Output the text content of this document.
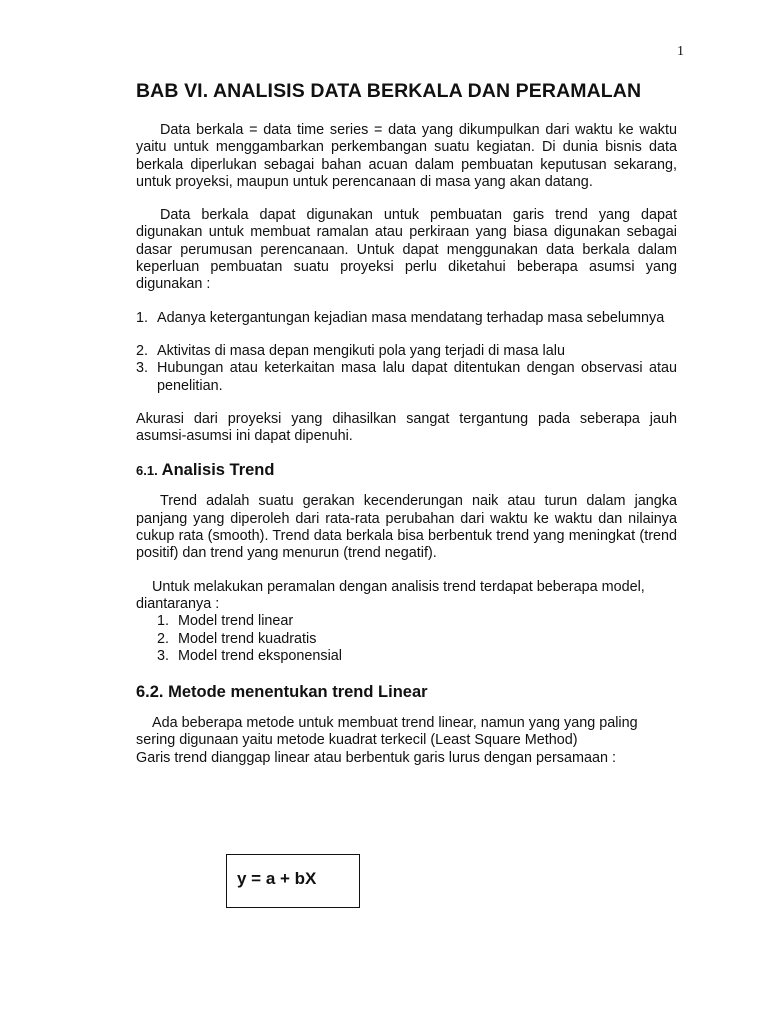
1
BAB VI. ANALISIS DATA BERKALA DAN PERAMALAN

Data berkala = data time series = data yang dikumpulkan dari waktu ke waktu yaitu untuk menggambarkan perkembangan suatu kegiatan. Di dunia bisnis data berkala diperlukan sebagai bahan acuan dalam pembuatan keputusan sekarang, untuk proyeksi, maupun untuk perencanaan di masa yang akan datang.

Data berkala dapat digunakan untuk pembuatan garis trend yang dapat digunakan untuk membuat ramalan atau perkiraan yang biasa digunakan sebagai dasar perumusan perencanaan. Untuk dapat menggunakan data berkala dalam keperluan pembuatan suatu proyeksi perlu diketahui beberapa asumsi yang digunakan :

1. Adanya ketergantungan kejadian masa mendatang terhadap masa sebelumnya
2. Aktivitas di masa depan mengikuti pola yang terjadi di masa lalu
3. Hubungan atau keterkaitan masa lalu dapat ditentukan dengan observasi atau penelitian.

Akurasi dari proyeksi yang dihasilkan sangat tergantung pada seberapa jauh asumsi-asumsi ini dapat dipenuhi.

6.1. Analisis Trend

Trend adalah suatu gerakan kecenderungan naik atau turun dalam jangka panjang yang diperoleh dari rata-rata perubahan dari waktu ke waktu dan nilainya cukup rata (smooth). Trend data berkala bisa berbentuk trend yang meningkat (trend positif) dan trend yang menurun (trend negatif).

Untuk melakukan peramalan dengan analisis trend terdapat beberapa model, diantaranya :

1. Model trend linear
2. Model trend kuadratis
3. Model trend eksponensial
6.2. Metode menentukan trend Linear

Ada beberapa metode untuk membuat trend linear, namun yang yang paling sering digunaan yaitu metode kuadrat terkecil (Least Square Method)

Garis trend dianggap linear atau berbentuk garis lurus dengan persamaan :

y = a + bX
